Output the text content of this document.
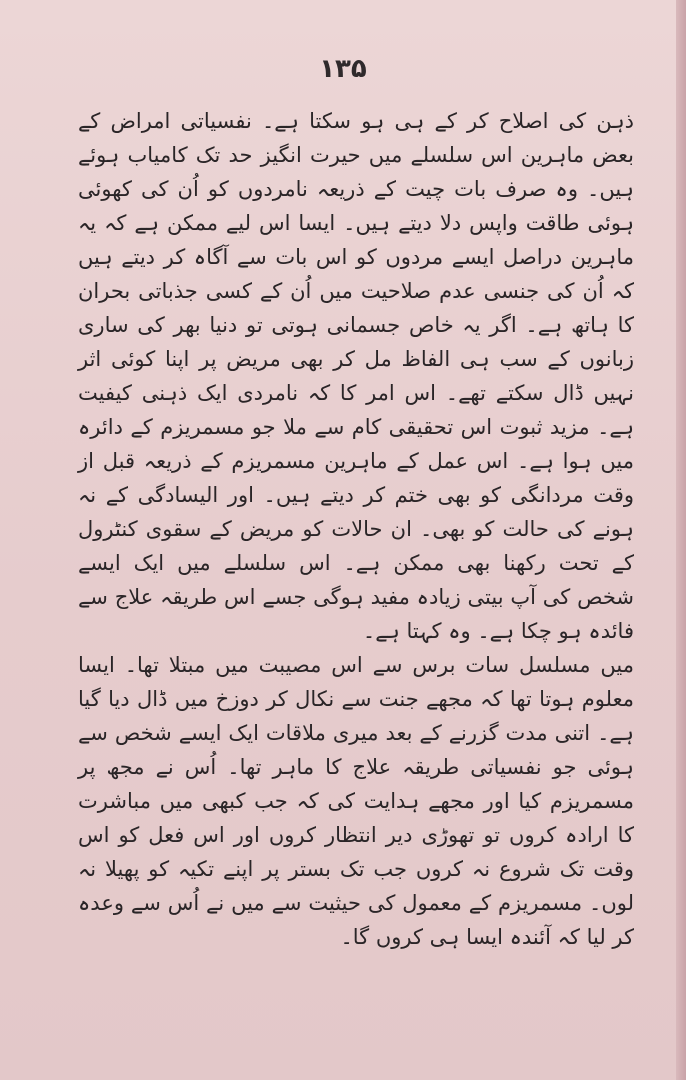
۱۳۵

ذہن کی اصلاح کر کے ہی ہو سکتا ہے۔ نفسیاتی امراض کے بعض ماہرین اس سلسلے میں حیرت انگیز حد تک کامیاب ہوئے ہیں۔ وہ صرف بات چیت کے ذریعہ نامردوں کو اُن کی کھوئی ہوئی طاقت واپس دلا دیتے ہیں۔ ایسا اس لیے ممکن ہے کہ یہ ماہرین دراصل ایسے مردوں کو اس بات سے آگاہ کر دیتے ہیں کہ اُن کی جنسی عدم صلاحیت میں اُن کے کسی جذباتی بحران کا ہاتھ ہے۔ اگر یہ خاص جسمانی ہوتی تو دنیا بھر کی ساری زبانوں کے سب ہی الفاظ مل کر بھی مریض پر اپنا کوئی اثر نہیں ڈال سکتے تھے۔ اس امر کا کہ نامردی ایک ذہنی کیفیت ہے۔ مزید ثبوت اس تحقیقی کام سے ملا جو مسمریزم کے دائرہ میں ہوا ہے۔ اس عمل کے ماہرین مسمریزم کے ذریعہ قبل از وقت مردانگی کو بھی ختم کر دیتے ہیں۔ اور الیسادگی کے نہ ہونے کی حالت کو بھی۔ ان حالات کو مریض کے سقوی کنٹرول کے تحت رکھنا بھی ممکن ہے۔ اس سلسلے میں ایک ایسے شخص کی آپ بیتی زیادہ مفید ہوگی جسے اس طریقہ علاج سے فائدہ ہو چکا ہے۔ وہ کہتا ہے۔

میں مسلسل سات برس سے اس مصیبت میں مبتلا تھا۔ ایسا معلوم ہوتا تھا کہ مجھے جنت سے نکال کر دوزخ میں ڈال دیا گیا ہے۔ اتنی مدت گزرنے کے بعد میری ملاقات ایک ایسے شخص سے ہوئی جو نفسیاتی طریقہ علاج کا ماہر تھا۔ اُس نے مجھ پر مسمریزم کیا اور مجھے ہدایت کی کہ جب کبھی میں مباشرت کا ارادہ کروں تو تھوڑی دیر انتظار کروں اور اس فعل کو اس وقت تک شروع نہ کروں جب تک بستر پر اپنے تکیہ کو پھیلا نہ لوں۔ مسمریزم کے معمول کی حیثیت سے میں نے اُس سے وعدہ کر لیا کہ آئندہ ایسا ہی کروں گا۔
